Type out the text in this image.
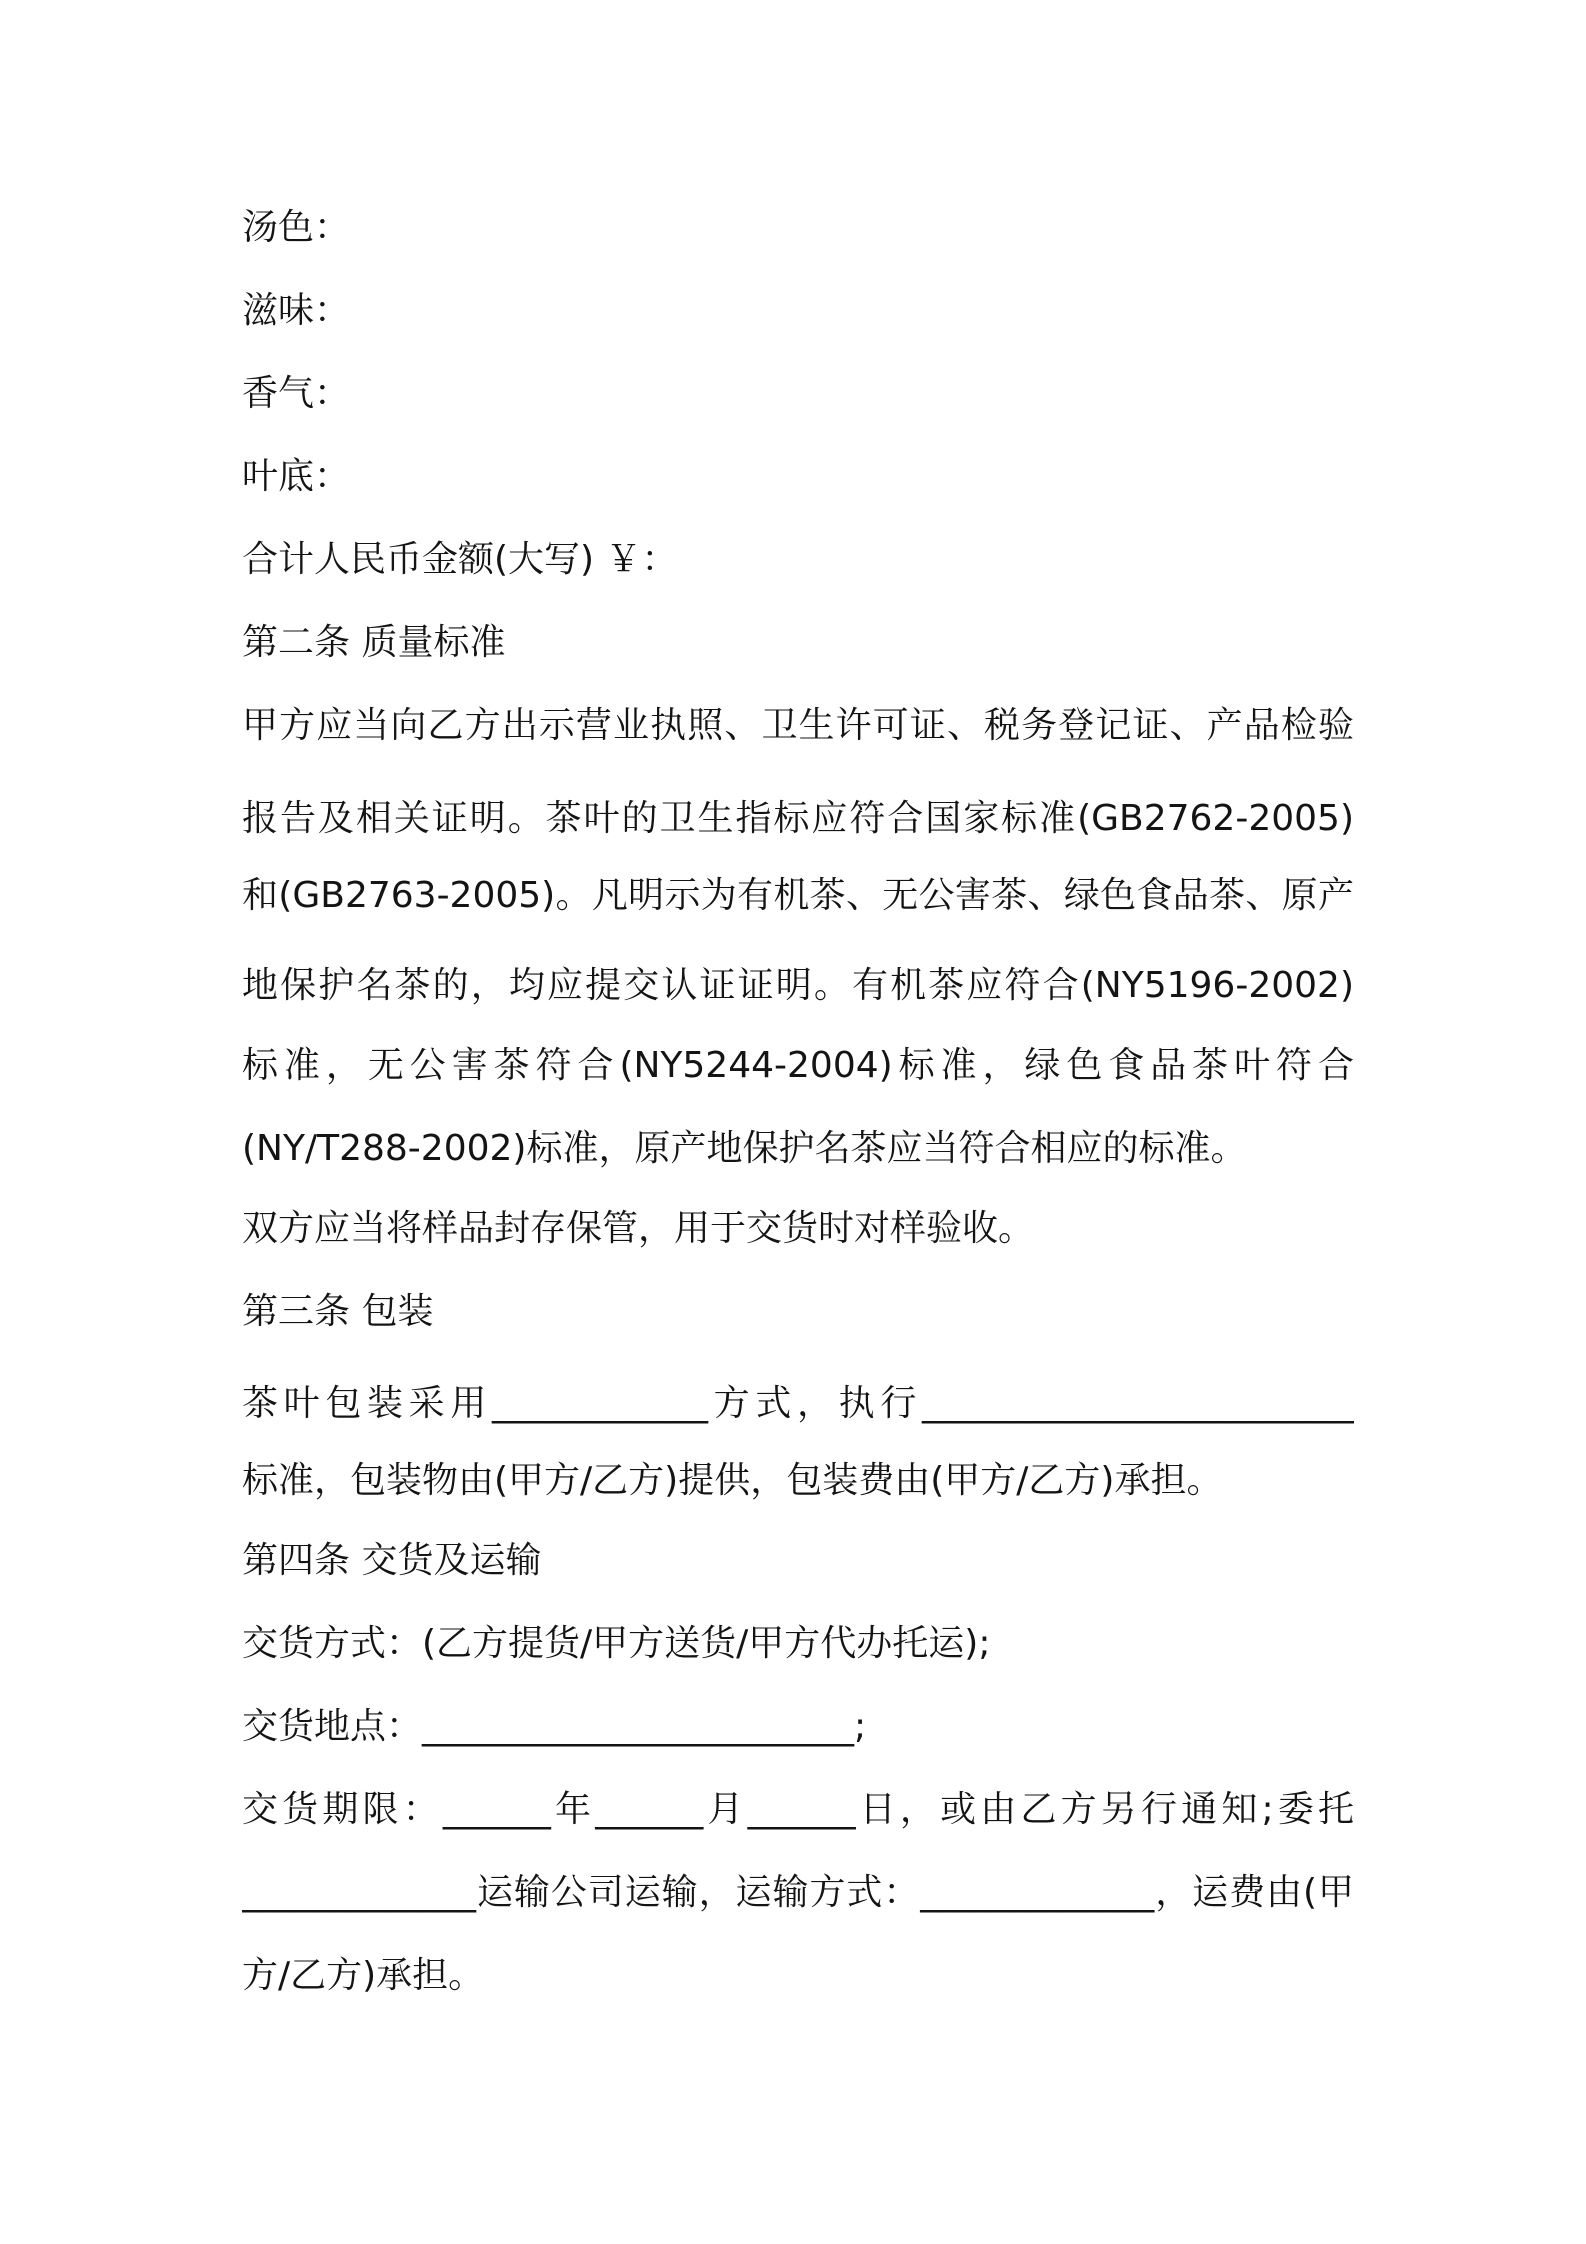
汤色：
滋味：
香气：
叶底：
合计人民币金额(大写) ￥：
第二条 质量标准
甲方应当向乙方出示营业执照、卫生许可证、税务登记证、产品检验
报告及相关证明。茶叶的卫生指标应符合国家标准(GB2762-2005)
和(GB2763-2005)。凡明示为有机茶、无公害茶、绿色食品茶、原产
地保护名茶的，均应提交认证证明。有机茶应符合(NY5196-2002)
标准，无公害茶符合(NY5244-2004)标准，绿色食品茶叶符合
(NY/T288-2002)标准，原产地保护名茶应当符合相应的标准。
双方应当将样品封存保管，用于交货时对样验收。
第三条 包装
茶叶包装采用____________方式，执行________________________
标准，包装物由(甲方/乙方)提供，包装费由(甲方/乙方)承担。
第四条 交货及运输
交货方式：(乙方提货/甲方送货/甲方代办托运);
交货地点：________________________;
交货期限：______年______月______日，或由乙方另行通知;委托
_____________运输公司运输，运输方式：_____________，运费由(甲
方/乙方)承担。
